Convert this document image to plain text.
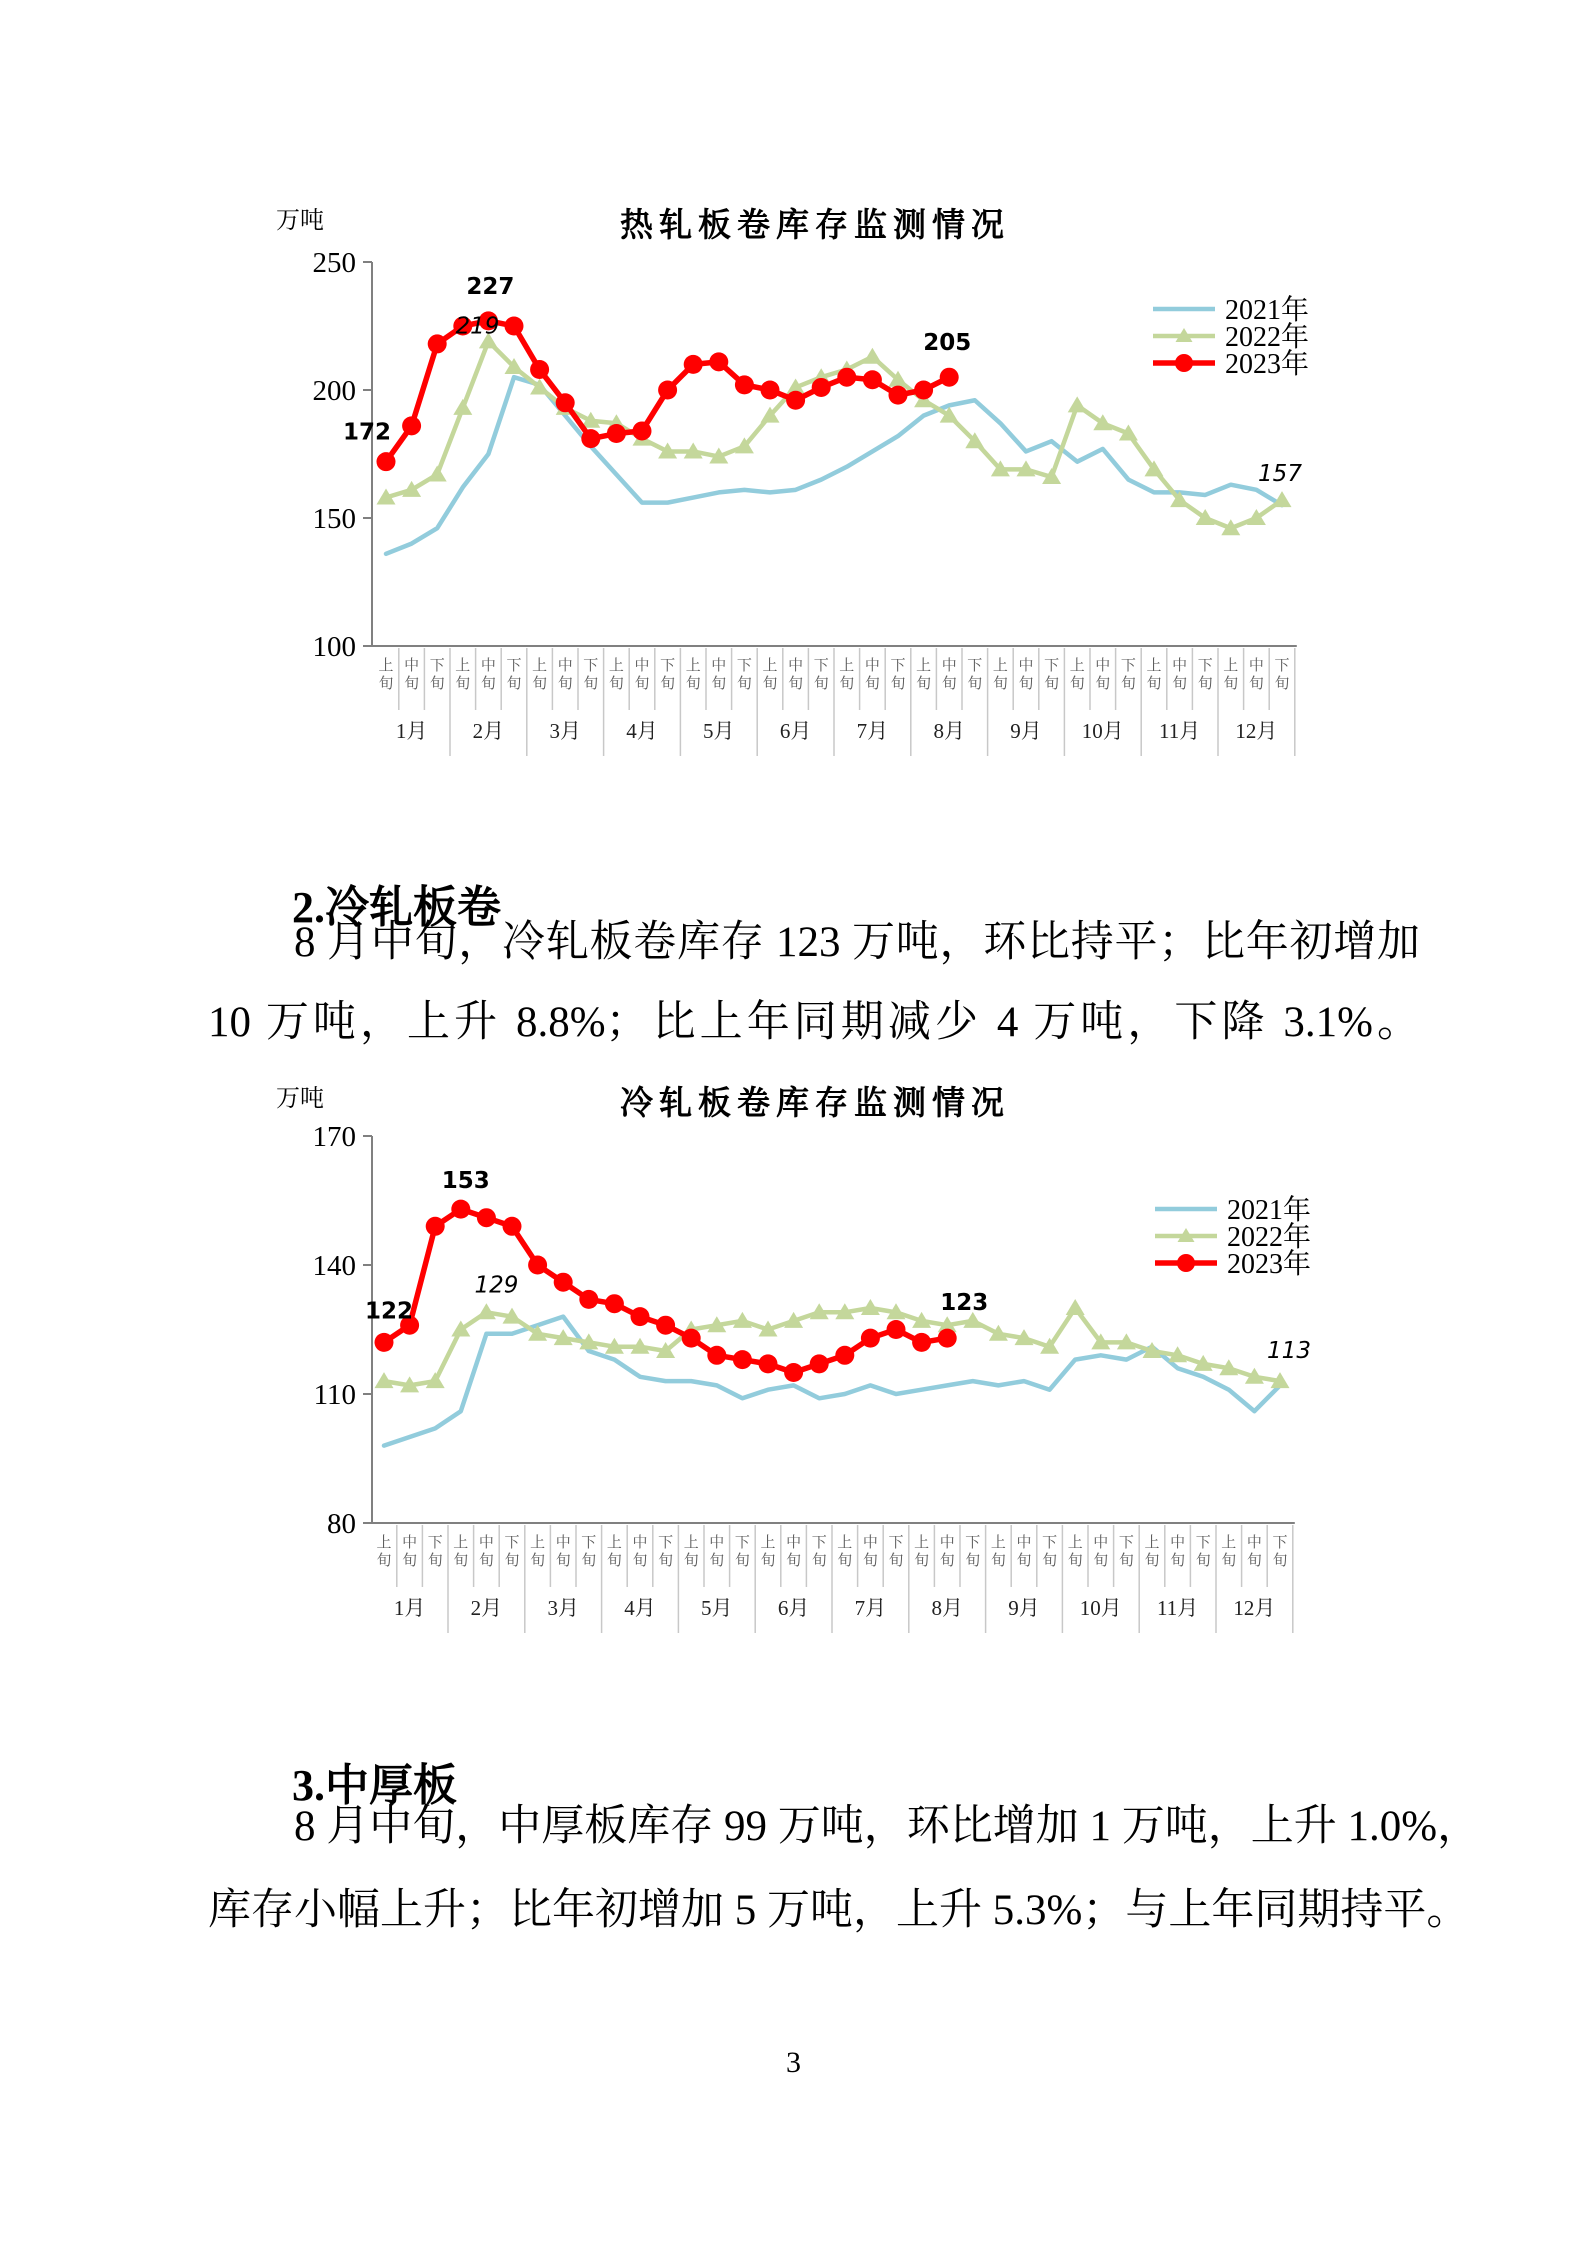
热轧板卷库存监测情况
万吨
100
150
200
250
上
旬
中
旬
下
旬
上
旬
中
旬
下
旬
上
旬
中
旬
下
旬
上
旬
中
旬
下
旬
上
旬
中
旬
下
旬
上
旬
中
旬
下
旬
上
旬
中
旬
下
旬
上
旬
中
旬
下
旬
上
旬
中
旬
下
旬
上
旬
中
旬
下
旬
上
旬
中
旬
下
旬
上
旬
中
旬
下
旬
1月 2月 3月 4月 5月 6月 7月 8月 9月 10月 11月 12月
172
227
219
205
157
2021年
2022年
2023年
2.冷轧板卷
8 月中旬，冷轧板卷库存 123 万吨，环比持平；比年初增加
10 万吨，上升 8.8%；比上年同期减少 4 万吨，下降 3.1%。
冷轧板卷库存监测情况
万吨
80
110
140
170
上
旬
中
旬
下
旬
上
旬
中
旬
下
旬
上
旬
中
旬
下
旬
上
旬
中
旬
下
旬
上
旬
中
旬
下
旬
上
旬
中
旬
下
旬
上
旬
中
旬
下
旬
上
旬
中
旬
下
旬
上
旬
中
旬
下
旬
上
旬
中
旬
下
旬
上
旬
中
旬
下
旬
上
旬
中
旬
下
旬
1月 2月 3月 4月 5月 6月 7月 8月 9月 10月 11月 12月
122
153
129
123
113
2021年
2022年
2023年
3.中厚板
8 月中旬，中厚板库存 99 万吨，环比增加 1 万吨，上升 1.0%，
库存小幅上升；比年初增加 5 万吨，上升 5.3%；与上年同期持平。
3
